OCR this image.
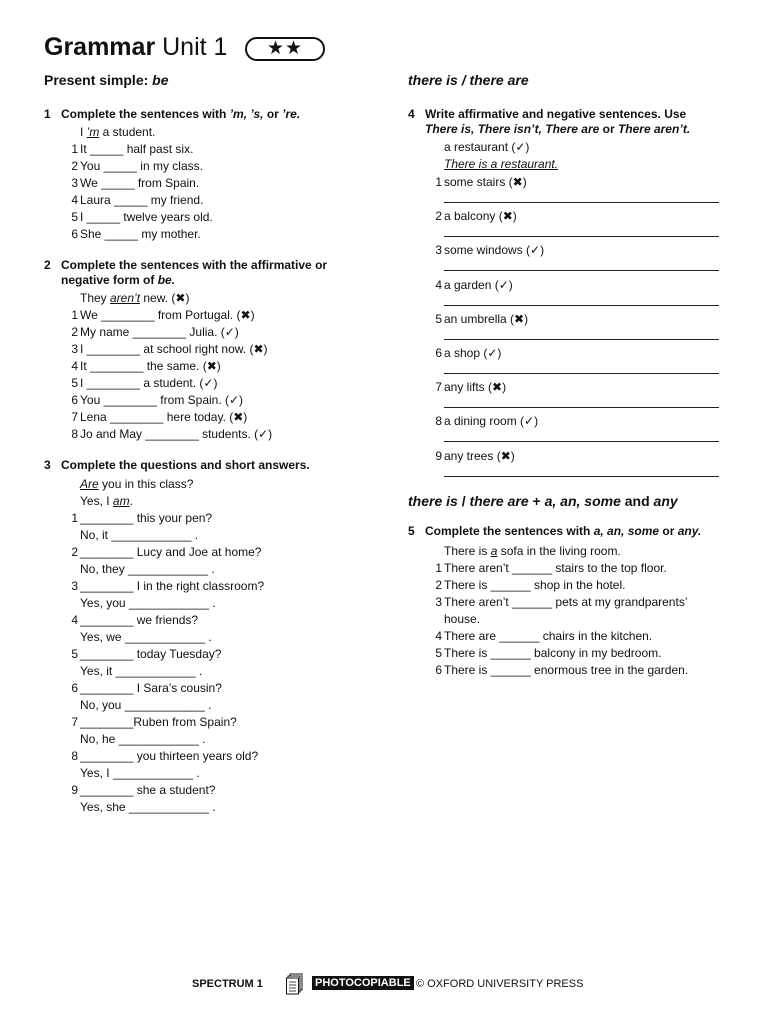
Grammar Unit 1	★★
Present simple: be	there is / there are
1 Complete the sentences with ’m, ’s, or ’re.
I ’m a student.
1 It _____ half past six.
2 You _____ in my class.
3 We _____ from Spain.
4 Laura _____ my friend.
5 I _____ twelve years old.
6 She _____ my mother.
2 Complete the sentences with the affirmative or
negative form of be.
They aren’t new. (✖)
1 We ________ from Portugal. (✖)
2 My name ________ Julia. (✓)
3 I ________ at school right now. (✖)
4 It ________ the same. (✖)
5 I ________ a student. (✓)
6 You ________ from Spain. (✓)
7 Lena ________ here today. (✖)
8 Jo and May ________ students. (✓)
3 Complete the questions and short answers.
Are you in this class?
Yes, I am.
1 ________ this your pen?
No, it ____________ .
2 ________ Lucy and Joe at home?
No, they ____________ .
3 ________ I in the right classroom?
Yes, you ____________ .
4 ________ we friends?
Yes, we ____________ .
5 ________ today Tuesday?
Yes, it ____________ .
6 ________ I Sara’s cousin?
No, you ____________ .
7 ________Ruben from Spain?
No, he ____________ .
8 ________ you thirteen years old?
Yes, I ____________ .
9 ________ she a student?
Yes, she ____________ .
4 Write affirmative and negative sentences. Use
There is, There isn’t, There are or There aren’t.
a restaurant (✓)
There is a restaurant.
1 some stairs (✖)
2 a balcony (✖)
3 some windows (✓)
4 a garden (✓)
5 an umbrella (✖)
6 a shop (✓)
7 any lifts (✖)
8 a dining room (✓)
9 any trees (✖)
there is / there are + a, an, some and any
5 Complete the sentences with a, an, some or any.
There is a sofa in the living room.
1 There aren’t ______ stairs to the top floor.
2 There is ______ shop in the hotel.
3 There aren’t ______ pets at my grandparents’
house.
4 There are ______ chairs in the kitchen.
5 There is ______ balcony in my bedroom.
6 There is ______ enormous tree in the garden.
SPECTRUM 1	PHOTOCOPIABLE © OXFORD UNIVERSITY PRESS
